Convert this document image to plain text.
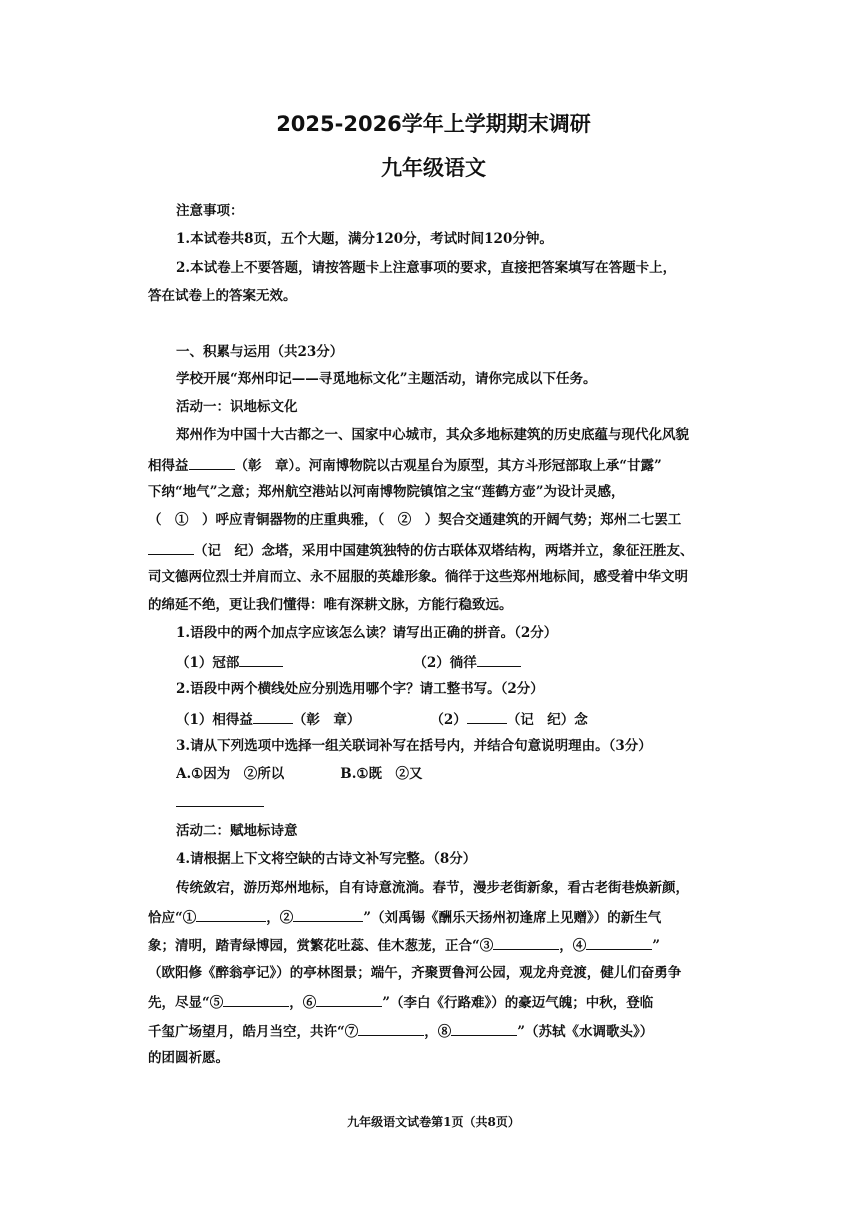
2025-2026学年上学期期末调研
九年级语文
注意事项：
1.本试卷共8页，五个大题，满分120分，考试时间120分钟。
2.本试卷上不要答题，请按答题卡上注意事项的要求，直接把答案填写在答题卡上，
答在试卷上的答案无效。
一、积累与运用（共23分）
学校开展“郑州印记——寻觅地标文化”主题活动，请你完成以下任务。
活动一：识地标文化
郑州作为中国十大古都之一、国家中心城市，其众多地标建筑的历史底蕴与现代化风貌
相得益	（彰　章）。河南博物院以古观星台为原型，其方斗形冠部取上承“甘露”
下纳“地气”之意；郑州航空港站以河南博物院镇馆之宝“莲鹤方壶”为设计灵感，
（　①　）呼应青铜器物的庄重典雅，（　②　）契合交通建筑的开阔气势；郑州二七罢工
（记　纪）念塔，采用中国建筑独特的仿古联体双塔结构，两塔并立，象征汪胜友、
司文德两位烈士并肩而立、永不屈服的英雄形象。徜徉于这些郑州地标间，感受着中华文明
的绵延不绝，更让我们懂得：唯有深耕文脉，方能行稳致远。
1.语段中的两个加点字应该怎么读？请写出正确的拼音。（2分）
（1）冠部	（2）徜徉
2.语段中两个横线处应分别选用哪个字？请工整书写。（2分）
（1）相得益	（彰　章）	（2）	（记　纪）念
3.请从下列选项中选择一组关联词补写在括号内，并结合句意说明理由。（3分）
A.①因为　②所以	B.①既　②又
活动二：赋地标诗意
4.请根据上下文将空缺的古诗文补写完整。（8分）
传统敛宕，游历郑州地标，自有诗意流淌。春节，漫步老街新象，看古老街巷焕新颜，
恰应“①	，②	”（刘禹锡《酬乐天扬州初逢席上见赠》）的新生气
象；清明，踏青绿博园，赏繁花吐蕊、佳木葱茏，正合“③	，④	”
（欧阳修《醉翁亭记》）的亭林图景；端午，齐聚贾鲁河公园，观龙舟竞渡，健儿们奋勇争
先，尽显“⑤	，⑥	”（李白《行路难》）的豪迈气魄；中秋，登临
千玺广场望月，皓月当空，共许“⑦	，⑧	”（苏轼《水调歌头》）
的团圆祈愿。
九年级语文试卷第1页（共8页）
